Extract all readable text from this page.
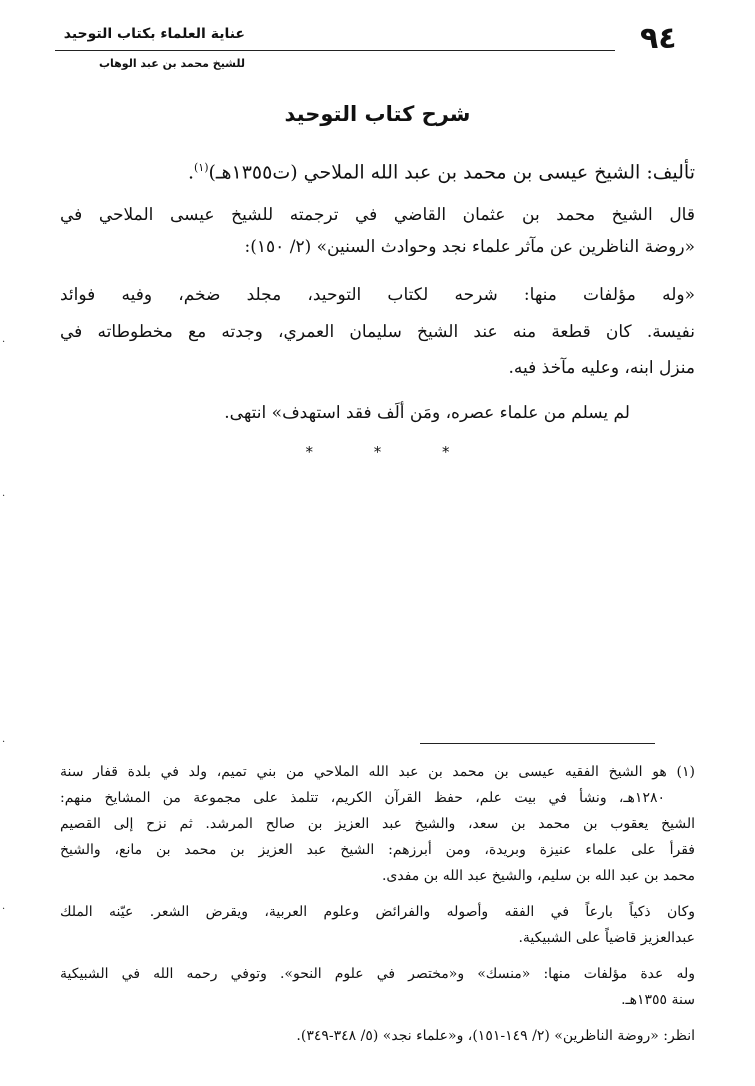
٩٤
عناية العلماء بكتاب التوحيد
للشيخ محمد بن عبد الوهاب
شرح كتاب التوحيد
تأليف: الشيخ عيسى بن محمد بن عبد الله الملاحي (ت١٣٥٥هـ)$^{(١)}$.
قال الشيخ محمد بن عثمان القاضي في ترجمته للشيخ عيسى الملاحي في
«روضة الناظرين عن مآثر علماء نجد وحوادث السنين» (٢/ ١٥٠):
«وله مؤلفات منها: شرحه لكتاب التوحيد، مجلد ضخم، وفيه فوائد
نفيسة. كان قطعة منه عند الشيخ سليمان العمري، وجدته مع مخطوطاته في
منزل ابنه، وعليه مآخذ فيه.
لم يسلم من علماء عصره، ومَن ألَف فقد استهدف» انتهى.
* * *
(١) هو الشيخ الفقيه عيسى بن محمد بن عبد الله الملاحي من بني تميم، ولد في بلدة قفار سنة
١٢٨٠هـ، ونشأ في بيت علم، حفظ القرآن الكريم، تتلمذ على مجموعة من المشايخ منهم:
الشيخ يعقوب بن محمد بن سعد، والشيخ عبد العزيز بن صالح المرشد. ثم نزح إلى القصيم
فقرأ على علماء عنيزة وبريدة، ومن أبرزهم: الشيخ عبد العزيز بن محمد بن مانع، والشيخ
محمد بن عبد الله بن سليم، والشيخ عبد الله بن مفدى.
وكان ذكياً بارعاً في الفقه وأصوله والفرائض وعلوم العربية، ويقرض الشعر. عيّنه الملك
عبدالعزيز قاضياً على الشبيكية.
وله عدة مؤلفات منها: «منسك» و«مختصر في علوم النحو». وتوفي رحمه الله في الشبيكية
سنة ١٣٥٥هـ.
انظر: «روضة الناظرين» (٢/ ١٤٩-١٥١)، و«علماء نجد» (٥/ ٣٤٨-٣٤٩).
·
·
·
·
